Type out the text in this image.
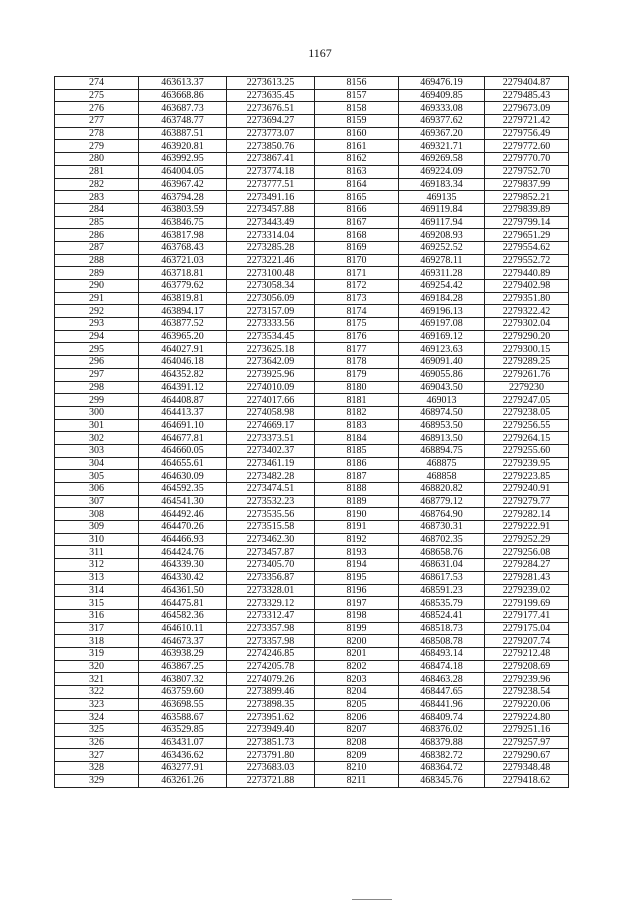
1167
274	463613.37	2273613.25	8156	469476.19	2279404.87
275	463668.86	2273635.45	8157	469409.85	2279485.43
276	463687.73	2273676.51	8158	469333.08	2279673.09
277	463748.77	2273694.27	8159	469377.62	2279721.42
278	463887.51	2273773.07	8160	469367.20	2279756.49
279	463920.81	2273850.76	8161	469321.71	2279772.60
280	463992.95	2273867.41	8162	469269.58	2279770.70
281	464004.05	2273774.18	8163	469224.09	2279752.70
282	463967.42	2273777.51	8164	469183.34	2279837.99
283	463794.28	2273491.16	8165	469135	2279852.21
284	463803.59	2273457.88	8166	469119.84	2279839.89
285	463846.75	2273443.49	8167	469117.94	2279799.14
286	463817.98	2273314.04	8168	469208.93	2279651.29
287	463768.43	2273285.28	8169	469252.52	2279554.62
288	463721.03	2273221.46	8170	469278.11	2279552.72
289	463718.81	2273100.48	8171	469311.28	2279440.89
290	463779.62	2273058.34	8172	469254.42	2279402.98
291	463819.81	2273056.09	8173	469184.28	2279351.80
292	463894.17	2273157.09	8174	469196.13	2279322.42
293	463877.52	2273333.56	8175	469197.08	2279302.04
294	463965.20	2273534.45	8176	469169.12	2279290.20
295	464027.91	2273625.18	8177	469123.63	2279300.15
296	464046.18	2273642.09	8178	469091.40	2279289.25
297	464352.82	2273925.96	8179	469055.86	2279261.76
298	464391.12	2274010.09	8180	469043.50	2279230
299	464408.87	2274017.66	8181	469013	2279247.05
300	464413.37	2274058.98	8182	468974.50	2279238.05
301	464691.10	2274669.17	8183	468953.50	2279256.55
302	464677.81	2273373.51	8184	468913.50	2279264.15
303	464660.05	2273402.37	8185	468894.75	2279255.60
304	464655.61	2273461.19	8186	468875	2279239.95
305	464630.09	2273482.28	8187	468858	2279223.85
306	464592.35	2273474.51	8188	468820.82	2279240.91
307	464541.30	2273532.23	8189	468779.12	2279279.77
308	464492.46	2273535.56	8190	468764.90	2279282.14
309	464470.26	2273515.58	8191	468730.31	2279222.91
310	464466.93	2273462.30	8192	468702.35	2279252.29
311	464424.76	2273457.87	8193	468658.76	2279256.08
312	464339.30	2273405.70	8194	468631.04	2279284.27
313	464330.42	2273356.87	8195	468617.53	2279281.43
314	464361.50	2273328.01	8196	468591.23	2279239.02
315	464475.81	2273329.12	8197	468535.79	2279199.69
316	464582.36	2273312.47	8198	468524.41	2279177.41
317	464610.11	2273357.98	8199	468518.73	2279175.04
318	464673.37	2273357.98	8200	468508.78	2279207.74
319	463938.29	2274246.85	8201	468493.14	2279212.48
320	463867.25	2274205.78	8202	468474.18	2279208.69
321	463807.32	2274079.26	8203	468463.28	2279239.96
322	463759.60	2273899.46	8204	468447.65	2279238.54
323	463698.55	2273898.35	8205	468441.96	2279220.06
324	463588.67	2273951.62	8206	468409.74	2279224.80
325	463529.85	2273949.40	8207	468376.02	2279251.16
326	463431.07	2273851.73	8208	468379.88	2279257.97
327	463436.62	2273791.80	8209	468382.72	2279290.67
328	463277.91	2273683.03	8210	468364.72	2279348.48
329	463261.26	2273721.88	8211	468345.76	2279418.62
